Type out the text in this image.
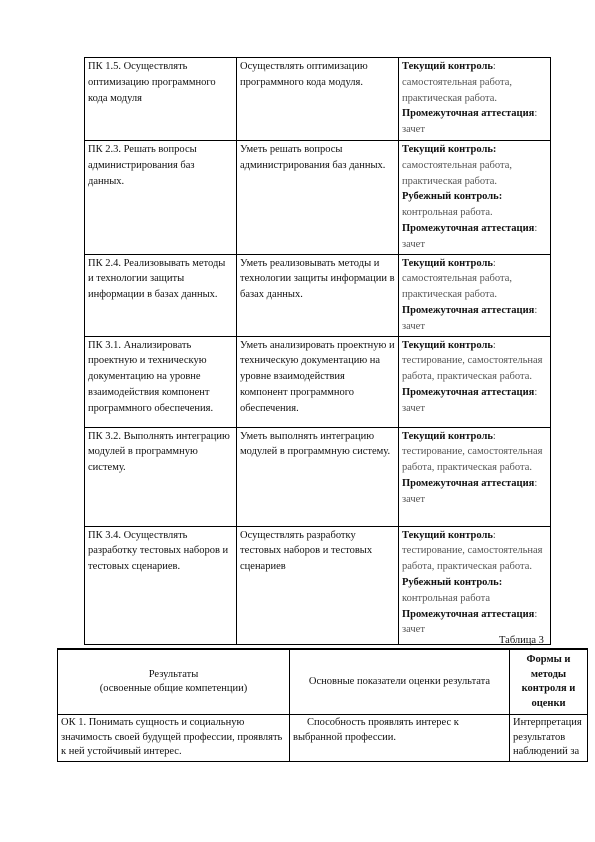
ПК 1.5. Осуществлять оптимизацию программного кода модуля	Осуществлять оптимизацию программного кода модуля.	Текущий контроль: самостоятельная работа, практическая работа.
Промежуточная аттестация: зачет
ПК 2.3. Решать вопросы администрирования баз данных.	Уметь решать вопросы администрирования баз данных.	Текущий контроль: самостоятельная работа, практическая работа.
Рубежный контроль: контрольная работа.
Промежуточная аттестация: зачет
ПК 2.4. Реализовывать методы и технологии защиты информации в базах данных.	Уметь реализовывать методы и технологии защиты информации в базах данных.	Текущий контроль: самостоятельная работа, практическая работа.
Промежуточная аттестация: зачет
ПК 3.1. Анализировать проектную и техническую документацию на уровне взаимодействия компонент программного обеспечения.	Уметь анализировать проектную и техническую документацию на уровне взаимодействия компонент программного обеспечения.	Текущий контроль: тестирование, самостоятельная работа, практическая работа.
Промежуточная аттестация: зачет
ПК 3.2. Выполнять интеграцию модулей в программную систему.	Уметь выполнять интеграцию модулей в программную систему.	Текущий контроль: тестирование, самостоятельная работа, практическая работа.
Промежуточная аттестация: зачет
ПК 3.4. Осуществлять разработку тестовых наборов и тестовых сценариев.	Осуществлять разработку тестовых наборов и тестовых сценариев	Текущий контроль: тестирование, самостоятельная работа, практическая работа.
Рубежный контроль: контрольная работа
Промежуточная аттестация: зачет
Таблица 3
Результаты
(освоенные общие компетенции)	Основные показатели оценки результата	Формы и методы контроля и оценки
ОК 1. Понимать сущность и социальную значимость своей будущей профессии, проявлять к ней устойчивый интерес.	Способность проявлять интерес к выбранной профессии.	Интерпретация результатов наблюдений за
